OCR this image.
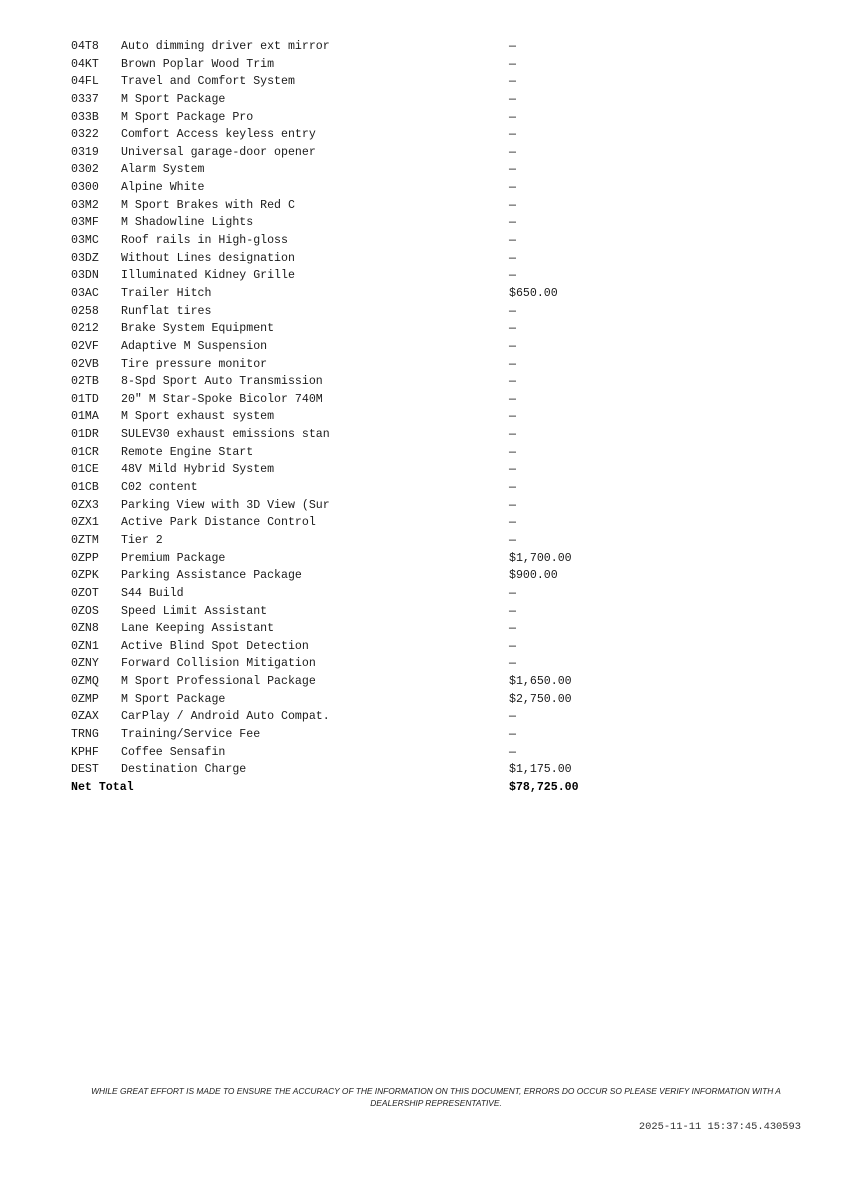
04T8	Auto dimming driver ext mirror	—
04KT	Brown Poplar Wood Trim	—
04FL	Travel and Comfort System	—
0337	M Sport Package	—
033B	M Sport Package Pro	—
0322	Comfort Access keyless entry	—
0319	Universal garage-door opener	—
0302	Alarm System	—
0300	Alpine White	—
03M2	M Sport Brakes with Red C	—
03MF	M Shadowline Lights	—
03MC	Roof rails in High-gloss	—
03DZ	Without Lines designation	—
03DN	Illuminated Kidney Grille	—
03AC	Trailer Hitch	$650.00
0258	Runflat tires	—
0212	Brake System Equipment	—
02VF	Adaptive M Suspension	—
02VB	Tire pressure monitor	—
02TB	8-Spd Sport Auto Transmission	—
01TD	20" M Star-Spoke Bicolor 740M	—
01MA	M Sport exhaust system	—
01DR	SULEV30 exhaust emissions stan	—
01CR	Remote Engine Start	—
01CE	48V Mild Hybrid System	—
01CB	C02 content	—
0ZX3	Parking View with 3D View (Sur	—
0ZX1	Active Park Distance Control	—
0ZTM	Tier 2	—
0ZPP	Premium Package	$1,700.00
0ZPK	Parking Assistance Package	$900.00
0ZOT	S44 Build	—
0ZOS	Speed Limit Assistant	—
0ZN8	Lane Keeping Assistant	—
0ZN1	Active Blind Spot Detection	—
0ZNY	Forward Collision Mitigation	—
0ZMQ	M Sport Professional Package	$1,650.00
0ZMP	M Sport Package	$2,750.00
0ZAX	CarPlay / Android Auto Compat.	—
TRNG	Training/Service Fee	—
KPHF	Coffee Sensafin	—
DEST	Destination Charge	$1,175.00
Net Total	$78,725.00
WHILE GREAT EFFORT IS MADE TO ENSURE THE ACCURACY OF THE INFORMATION ON THIS DOCUMENT, ERRORS DO OCCUR SO PLEASE VERIFY INFORMATION WITH A DEALERSHIP REPRESENTATIVE.
2025-11-11 15:37:45.430593
